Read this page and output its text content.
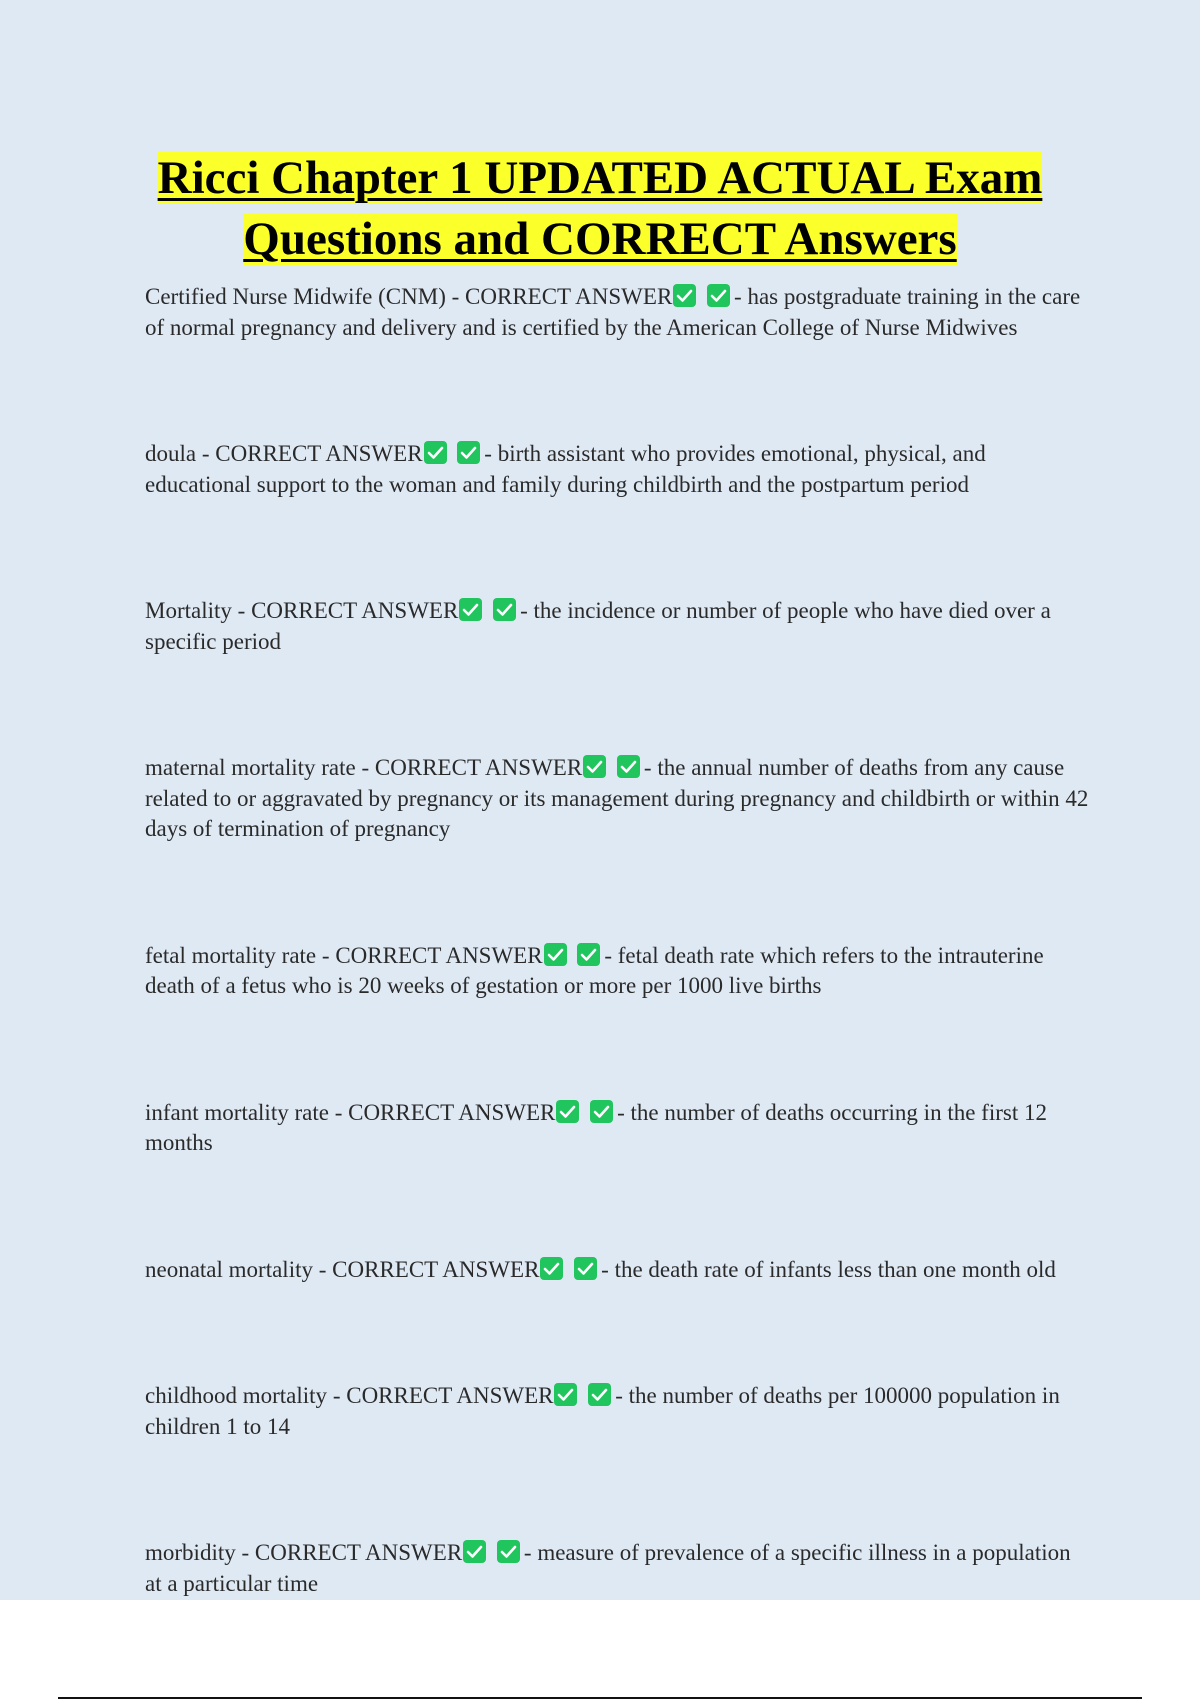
Ricci Chapter 1 UPDATED ACTUAL Exam
Questions and CORRECT Answers
Certified Nurse Midwife (CNM) - CORRECT ANSWER
	- has postgraduate training in the care of normal pregnancy and delivery and is certified by the American College of Nurse Midwives
doula - CORRECT ANSWER
	- birth assistant who provides emotional, physical, and educational support to the woman and family during childbirth and the postpartum period
Mortality - CORRECT ANSWER
	- the incidence or number of people who have died over a specific period
maternal mortality rate - CORRECT ANSWER
	- the annual number of deaths from any cause related to or aggravated by pregnancy or its management during pregnancy and childbirth or within 42 days of termination of pregnancy
fetal mortality rate - CORRECT ANSWER
	- fetal death rate which refers to the intrauterine death of a fetus who is 20 weeks of gestation or more per 1000 live births
infant mortality rate - CORRECT ANSWER
	- the number of deaths occurring in the first 12 months
neonatal mortality - CORRECT ANSWER
	- the death rate of infants less than one month old
childhood mortality - CORRECT ANSWER
	- the number of deaths per 100000 population in children 1 to 14
morbidity - CORRECT ANSWER
	- measure of prevalence of a specific illness in a population at a particular time
